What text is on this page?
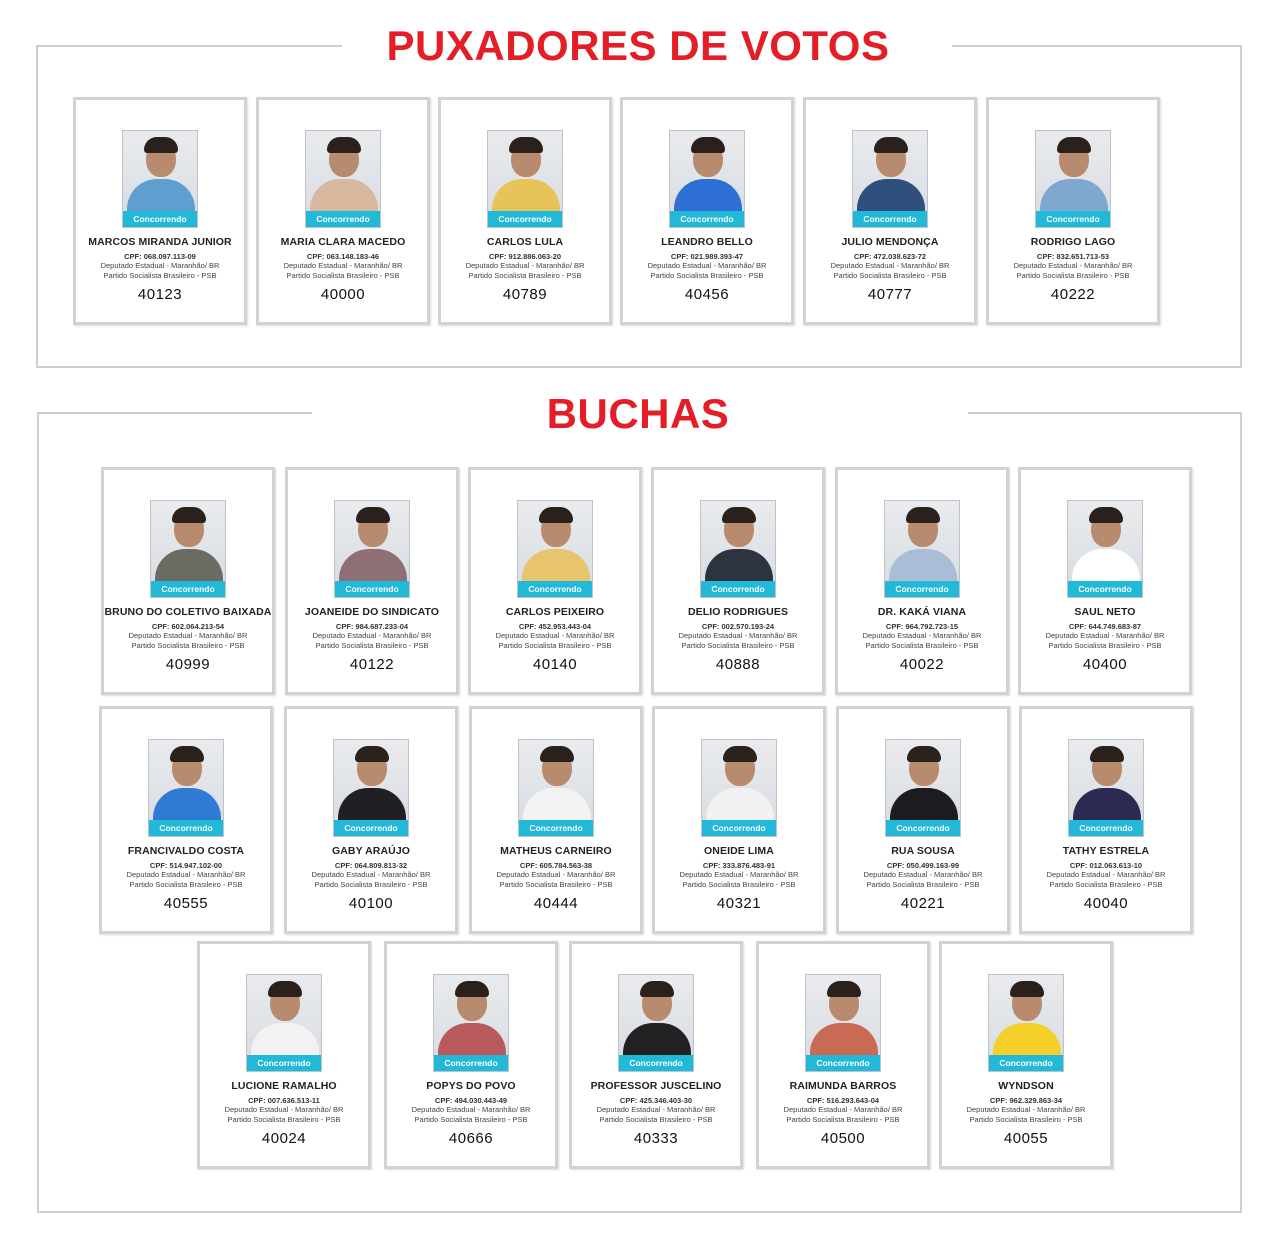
PUXADORES DE VOTOS
BUCHAS
Concorrendo
MARCOS MIRANDA JUNIOR
CPF: 068.097.113-09
Deputado Estadual - Maranhão/ BR
Partido Socialista Brasileiro - PSB
40123
Concorrendo
MARIA CLARA MACEDO
CPF: 063.148.183-46
Deputado Estadual - Maranhão/ BR
Partido Socialista Brasileiro - PSB
40000
Concorrendo
CARLOS LULA
CPF: 912.886.063-20
Deputado Estadual - Maranhão/ BR
Partido Socialista Brasileiro - PSB
40789
Concorrendo
LEANDRO BELLO
CPF: 021.989.393-47
Deputado Estadual - Maranhão/ BR
Partido Socialista Brasileiro - PSB
40456
Concorrendo
JULIO MENDONÇA
CPF: 472.038.623-72
Deputado Estadual - Maranhão/ BR
Partido Socialista Brasileiro - PSB
40777
Concorrendo
RODRIGO LAGO
CPF: 832.651.713-53
Deputado Estadual - Maranhão/ BR
Partido Socialista Brasileiro - PSB
40222
Concorrendo
BRUNO DO COLETIVO BAIXADA
CPF: 602.064.213-54
Deputado Estadual - Maranhão/ BR
Partido Socialista Brasileiro - PSB
40999
Concorrendo
JOANEIDE DO SINDICATO
CPF: 984.687.233-04
Deputado Estadual - Maranhão/ BR
Partido Socialista Brasileiro - PSB
40122
Concorrendo
CARLOS PEIXEIRO
CPF: 452.953.443-04
Deputado Estadual - Maranhão/ BR
Partido Socialista Brasileiro - PSB
40140
Concorrendo
DELIO RODRIGUES
CPF: 002.570.193-24
Deputado Estadual - Maranhão/ BR
Partido Socialista Brasileiro - PSB
40888
Concorrendo
DR. KAKÁ VIANA
CPF: 964.792.723-15
Deputado Estadual - Maranhão/ BR
Partido Socialista Brasileiro - PSB
40022
Concorrendo
SAUL NETO
CPF: 644.749.683-87
Deputado Estadual - Maranhão/ BR
Partido Socialista Brasileiro - PSB
40400
Concorrendo
FRANCIVALDO COSTA
CPF: 514.947.102-00
Deputado Estadual - Maranhão/ BR
Partido Socialista Brasileiro - PSB
40555
Concorrendo
GABY ARAÚJO
CPF: 064.809.813-32
Deputado Estadual - Maranhão/ BR
Partido Socialista Brasileiro - PSB
40100
Concorrendo
MATHEUS CARNEIRO
CPF: 605.784.563-38
Deputado Estadual - Maranhão/ BR
Partido Socialista Brasileiro - PSB
40444
Concorrendo
ONEIDE LIMA
CPF: 333.876.483-91
Deputado Estadual - Maranhão/ BR
Partido Socialista Brasileiro - PSB
40321
Concorrendo
RUA SOUSA
CPF: 050.499.163-99
Deputado Estadual - Maranhão/ BR
Partido Socialista Brasileiro - PSB
40221
Concorrendo
TATHY ESTRELA
CPF: 012.063.613-10
Deputado Estadual - Maranhão/ BR
Partido Socialista Brasileiro - PSB
40040
Concorrendo
LUCIONE RAMALHO
CPF: 007.636.513-11
Deputado Estadual - Maranhão/ BR
Partido Socialista Brasileiro - PSB
40024
Concorrendo
POPYS DO POVO
CPF: 494.030.443-49
Deputado Estadual - Maranhão/ BR
Partido Socialista Brasileiro - PSB
40666
Concorrendo
PROFESSOR JUSCELINO
CPF: 425.346.403-30
Deputado Estadual - Maranhão/ BR
Partido Socialista Brasileiro - PSB
40333
Concorrendo
RAIMUNDA BARROS
CPF: 516.293.643-04
Deputado Estadual - Maranhão/ BR
Partido Socialista Brasileiro - PSB
40500
Concorrendo
WYNDSON
CPF: 962.329.863-34
Deputado Estadual - Maranhão/ BR
Partido Socialista Brasileiro - PSB
40055
